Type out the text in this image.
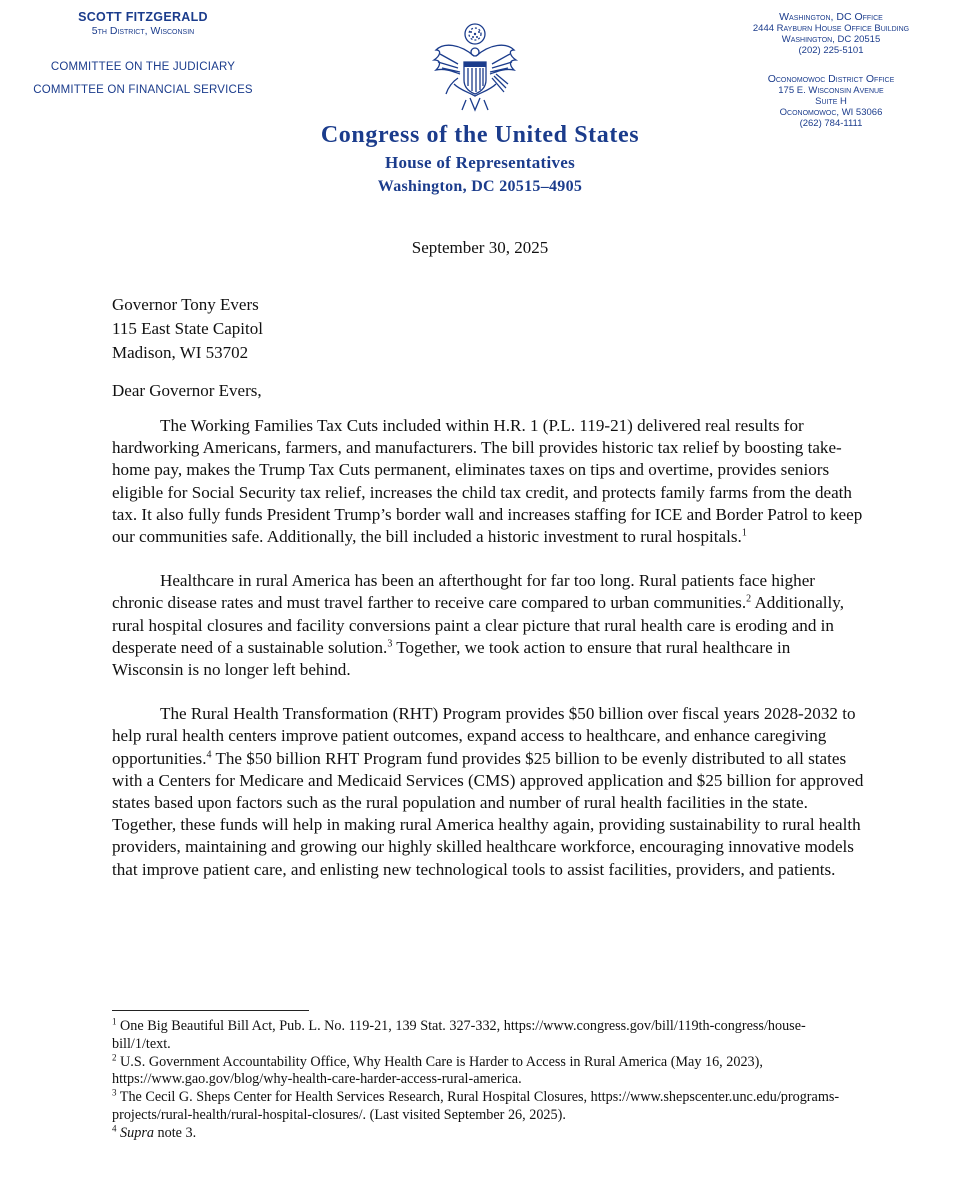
SCOTT FITZGERALD
5th District, Wisconsin
COMMITTEE ON THE JUDICIARY
COMMITTEE ON FINANCIAL SERVICES
Washington, DC Office
2444 Rayburn House Office Building
Washington, DC 20515
(202) 225-5101
Oconomowoc District Office
175 E. Wisconsin Avenue
Suite H
Oconomowoc, WI 53066
(262) 784-1111
Congress of the United States
House of Representatives
Washington, DC 20515–4905
September 30, 2025
Governor Tony Evers
115 East State Capitol
Madison, WI 53702
Dear Governor Evers,

The Working Families Tax Cuts included within H.R. 1 (P.L. 119-21) delivered real results for hardworking Americans, farmers, and manufacturers. The bill provides historic tax relief by boosting take-home pay, makes the Trump Tax Cuts permanent, eliminates taxes on tips and overtime, provides seniors eligible for Social Security tax relief, increases the child tax credit, and protects family farms from the death tax. It also fully funds President Trump’s border wall and increases staffing for ICE and Border Patrol to keep our communities safe. Additionally, the bill included a historic investment to rural hospitals.$^1$

Healthcare in rural America has been an afterthought for far too long. Rural patients face higher chronic disease rates and must travel farther to receive care compared to urban communities.$^2$ Additionally, rural hospital closures and facility conversions paint a clear picture that rural health care is eroding and in desperate need of a sustainable solution.$^3$ Together, we took action to ensure that rural healthcare in Wisconsin is no longer left behind.

The Rural Health Transformation (RHT) Program provides $50 billion over fiscal years 2028-2032 to help rural health centers improve patient outcomes, expand access to healthcare, and enhance caregiving opportunities.$^4$ The $50 billion RHT Program fund provides $25 billion to be evenly distributed to all states with a Centers for Medicare and Medicaid Services (CMS) approved application and $25 billion for approved states based upon factors such as the rural population and number of rural health facilities in the state. Together, these funds will help in making rural America healthy again, providing sustainability to rural health providers, maintaining and growing our highly skilled healthcare workforce, encouraging innovative models that improve patient care, and enlisting new technological tools to assist facilities, providers, and patients.

$^1$ One Big Beautiful Bill Act, Pub. L. No. 119-21, 139 Stat. 327-332, https://www.congress.gov/bill/119th-congress/house-bill/1/text.

$^2$ U.S. Government Accountability Office, Why Health Care is Harder to Access in Rural America (May 16, 2023), https://www.gao.gov/blog/why-health-care-harder-access-rural-america.

$^3$ The Cecil G. Sheps Center for Health Services Research, Rural Hospital Closures, https://www.shepscenter.unc.edu/programs-projects/rural-health/rural-hospital-closures/. (Last visited September 26, 2025).

$^4$ Supra note 3.
